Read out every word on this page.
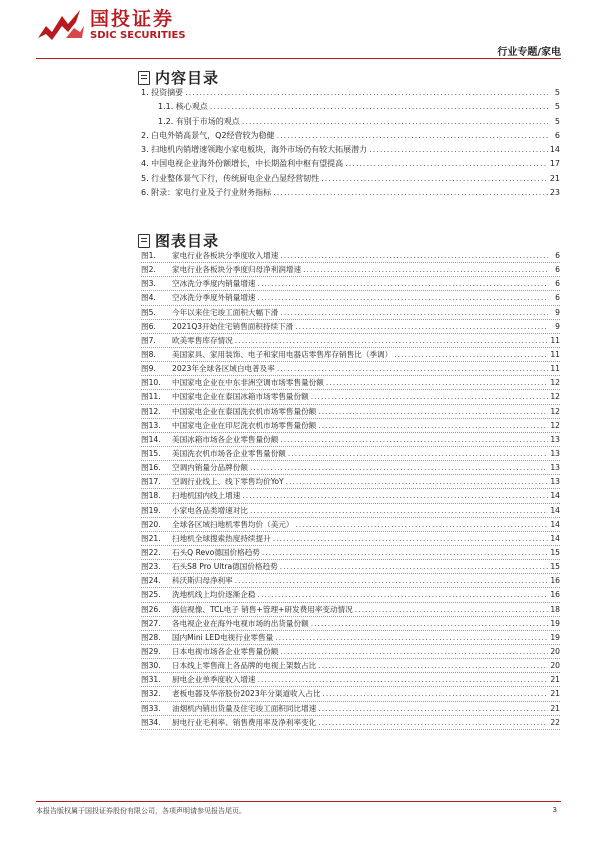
国投证券
SDIC SECURITIES
行业专题/家电
内容目录
1. 投资摘要 .....	5
1.1. 核心观点 .....	5
1.2. 有别于市场的观点 .....	5
2. 白电外销高景气，Q2经营较为稳健 .....	6
3. 扫地机内销增速领跑小家电板块，海外市场仍有较大拓展潜力 .....	14
4. 中国电视企业海外份额增长，中长期盈利中枢有望提高 .....	17
5. 行业整体景气下行，传统厨电企业凸显经营韧性 .....	21
6. 附录：家电行业及子行业财务指标 .....	23
图表目录
图1.	家电行业各板块分季度收入增速 .....	6
图2.	家电行业各板块分季度归母净利润增速 .....	6
图3.	空冰洗分季度内销量增速 .....	6
图4.	空冰洗分季度外销量增速 .....	6
图5.	今年以来住宅竣工面积大幅下滑 .....	9
图6.	2021Q3开始住宅销售面积持续下滑 .....	9
图7.	欧美零售库存情况 .....	11
图8.	美国家具、家用装饰、电子和家用电器店零售库存销售比（季调） .....	11
图9.	2023年全球各区域白电普及率 .....	11
图10.	中国家电企业在中东非洲空调市场零售量份额 .....	12
图11.	中国家电企业在泰国冰箱市场零售量份额 .....	12
图12.	中国家电企业在泰国洗衣机市场零售量份额 .....	12
图13.	中国家电企业在印尼洗衣机市场零售量份额 .....	12
图14.	美国冰箱市场各企业零售量份额 .....	13
图15.	美国洗衣机市场各企业零售量份额 .....	13
图16.	空调内销量分品牌份额 .....	13
图17.	空调行业线上、线下零售均价YoY .....	13
图18.	扫地机国内线上增速 .....	14
图19.	小家电各品类增速对比 .....	14
图20.	全球各区域扫地机零售均价（美元） .....	14
图21.	扫地机全球搜索热度持续提升 .....	14
图22.	石头Q Revo德国价格趋势 .....	15
图23.	石头S8 Pro Ultra德国价格趋势 .....	15
图24.	科沃斯归母净利率 .....	16
图25.	洗地机线上均价逐渐企稳 .....	16
图26.	海信视像、TCL电子 销售+管理+研发费用率变动情况 .....	18
图27.	各电视企业在海外电视市场的出货量份额 .....	19
图28.	国内Mini LED电视行业零售量 .....	19
图29.	日本电视市场各企业零售量份额 .....	20
图30.	日本线上零售商上各品牌的电视上架数占比 .....	20
图31.	厨电企业单季度收入增速 .....	21
图32.	老板电器及华帝股份2023年分渠道收入占比 .....	21
图33.	油烟机内销出货量及住宅竣工面积同比增速 .....	21
图34.	厨电行业毛利率、销售费用率及净利率变化 .....	22
本报告版权属于国投证券股份有限公司，各项声明请参见报告尾页。	3
